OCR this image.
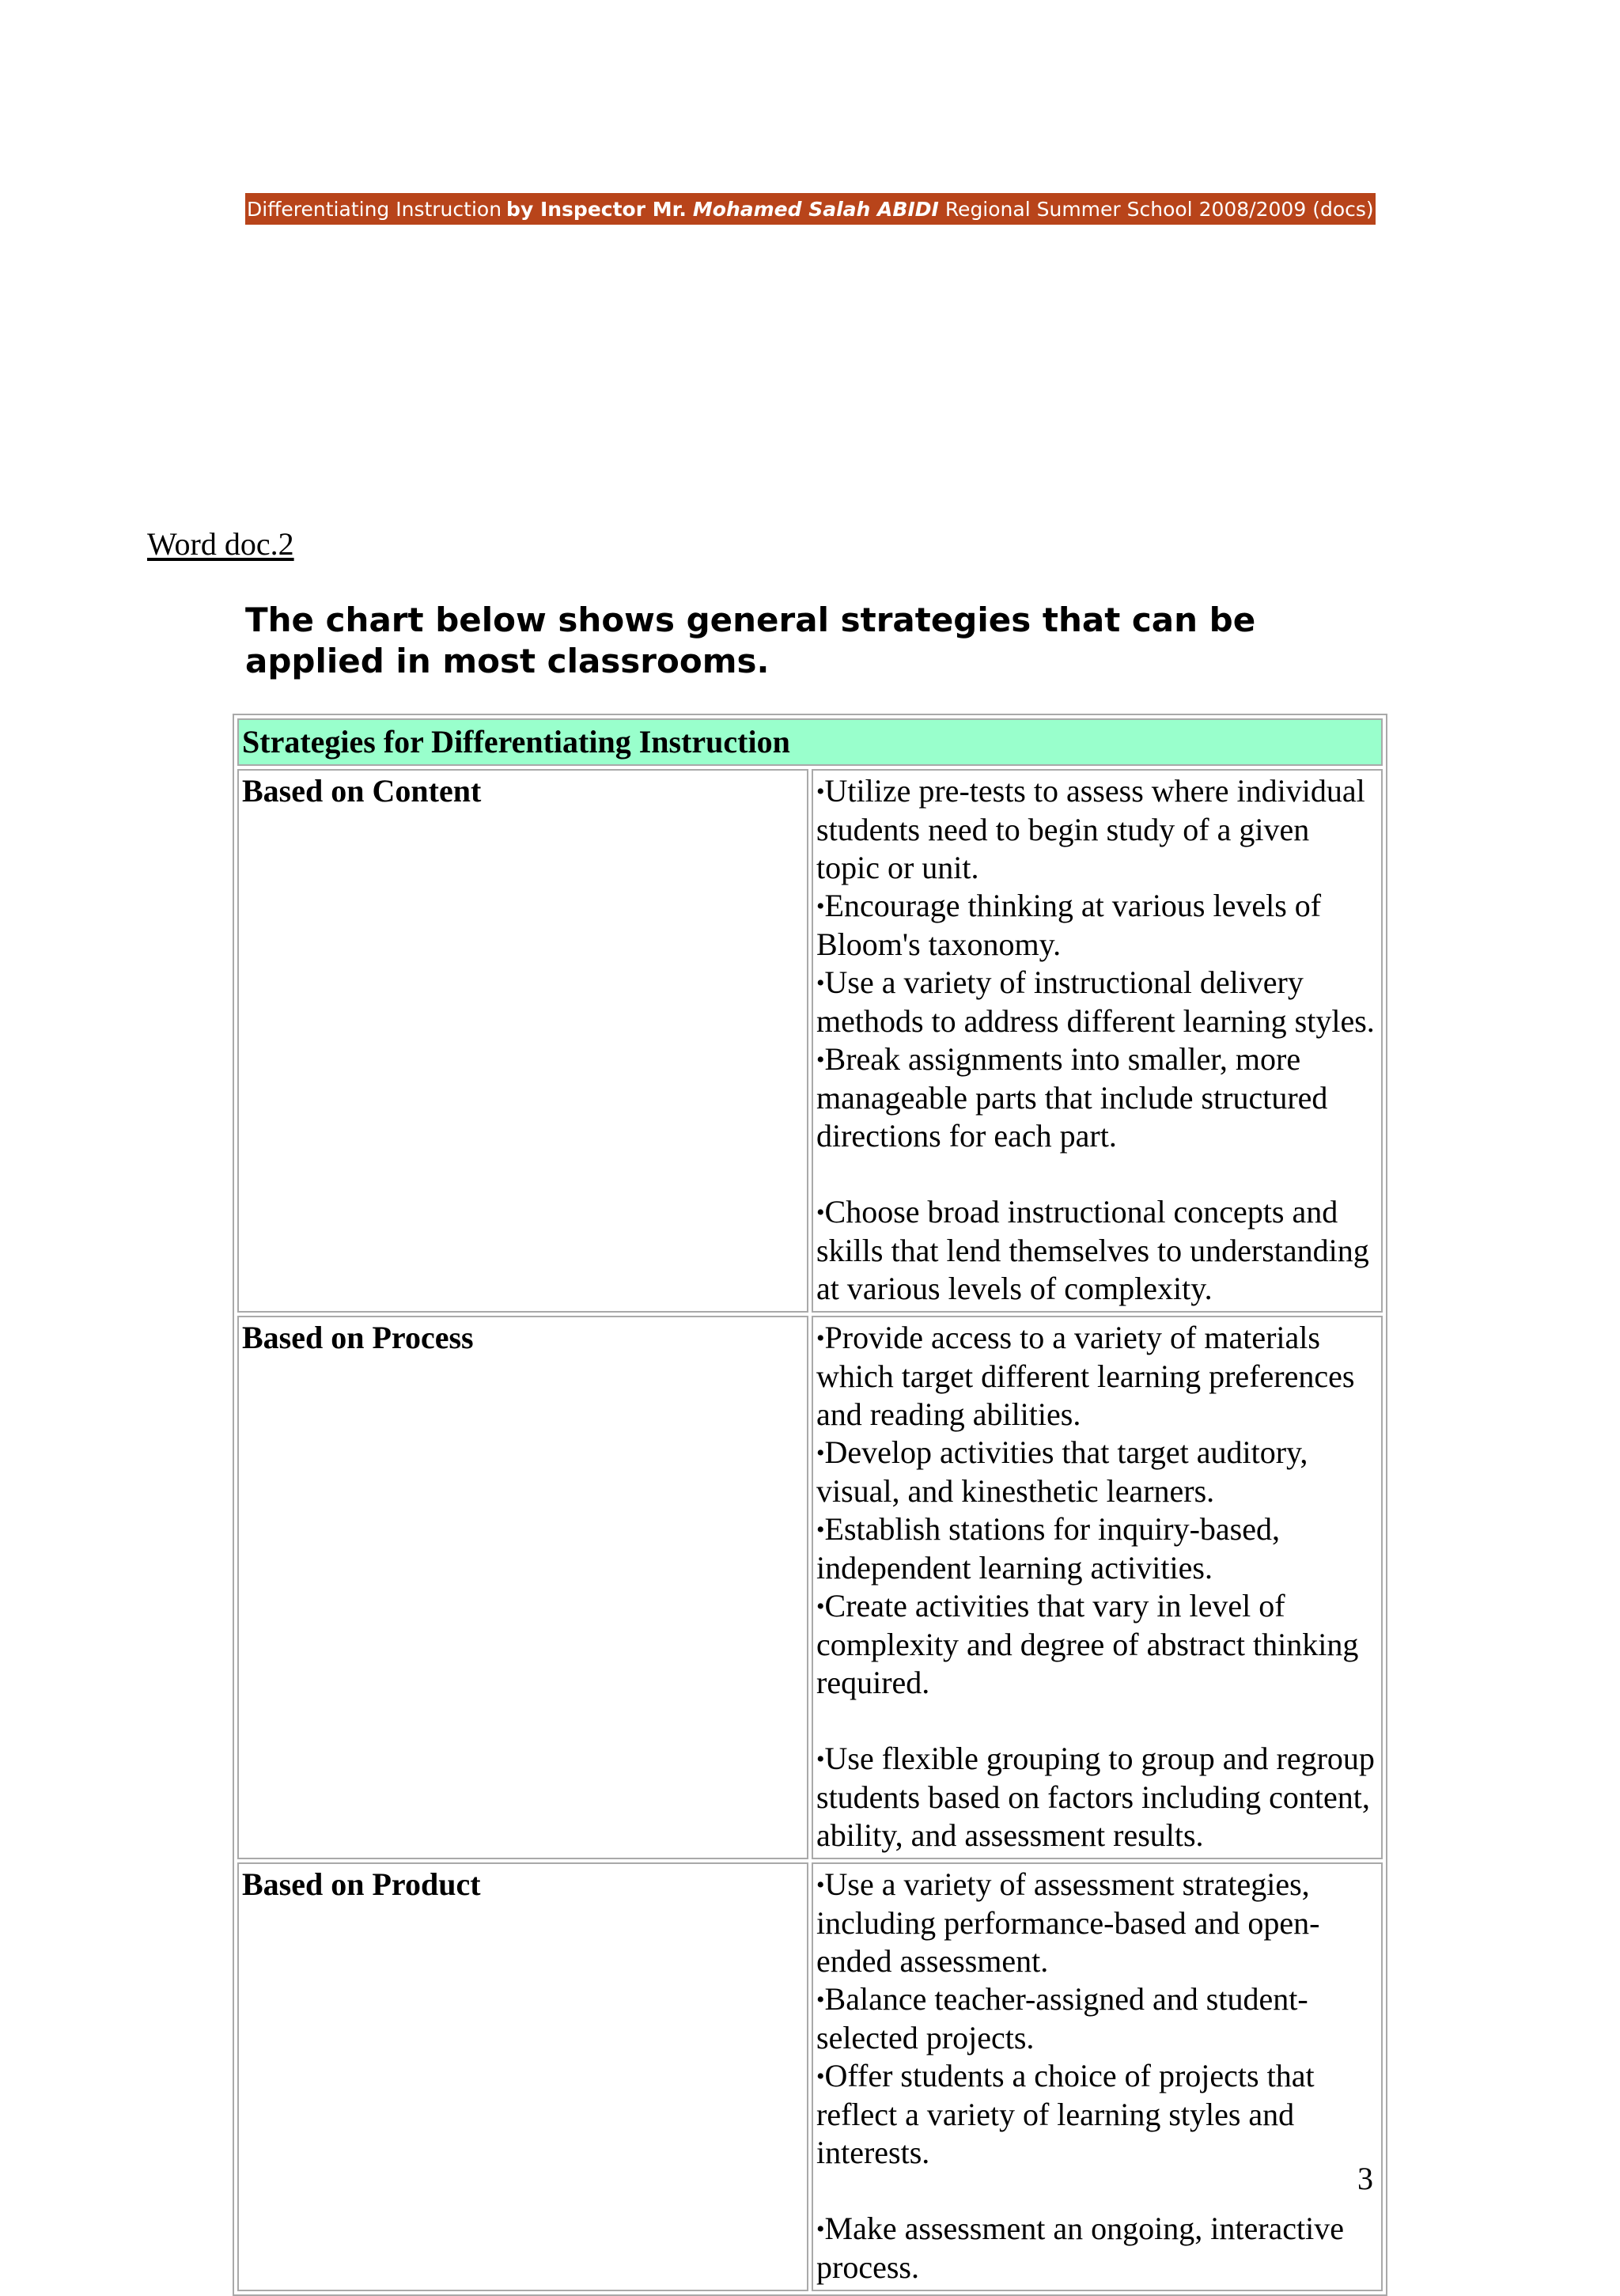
Differentiating Instruction by Inspector Mr. Mohamed Salah ABIDI Regional Summer School 2008/2009 (docs)
Word doc.2

The chart below shows general strategies that can be applied in most classrooms.

Strategies for Differentiating Instruction	
Based on Content	•Utilize pre-tests to assess where individual students need to begin study of a given topic or unit.
•Encourage thinking at various levels of Bloom's taxonomy.
•Use a variety of instructional delivery methods to address different learning styles.
•Break assignments into smaller, more manageable parts that include structured directions for each part.
•Choose broad instructional concepts and skills that lend themselves to understanding at various levels of complexity.

Based on Process	•Provide access to a variety of materials which target different learning preferences and reading abilities.
•Develop activities that target auditory, visual, and kinesthetic learners.
•Establish stations for inquiry-based, independent learning activities.
•Create activities that vary in level of complexity and degree of abstract thinking required.
•Use flexible grouping to group and regroup students based on factors including content, ability, and assessment results.

Based on Product	•Use a variety of assessment strategies, including performance-based and open-ended assessment.
•Balance teacher-assigned and student-selected projects.
•Offer students a choice of projects that reflect a variety of learning styles and interests.
•Make assessment an ongoing, interactive process.
3
